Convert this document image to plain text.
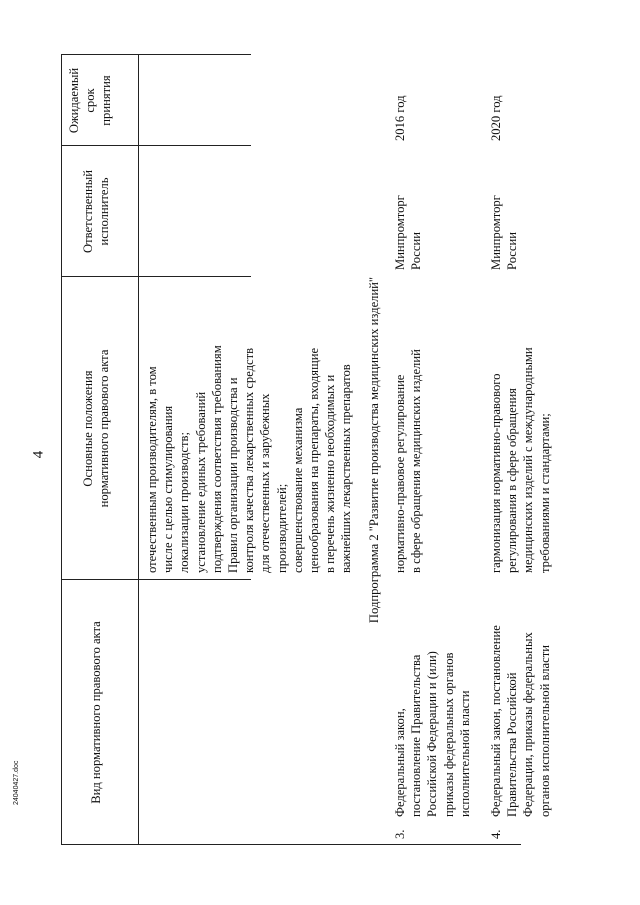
4
Вид нормативного правового акта
Основные положения нормативного правового акта
Ответственный исполнитель
Ожидаемый срок принятия
отечественным производителям, в том числе с целью стимулирования локализации производств; установление единых требований подтверждения соответствия требованиям Правил организации производства и контроля качества лекарственных средств для отечественных и зарубежных производителей; совершенствование механизма ценообразования на препараты, входящие в перечень жизненно необходимых и важнейших лекарственных препаратов Подпрограмма 2 "Развитие производства медицинских изделий"
3.
Федеральный закон, постановление Правительства Российской Федерации и (или) приказы федеральных органов исполнительной власти
нормативно-правовое регулирование в сфере обращения медицинских изделий
Минпромторг России
2016 год
4.
Федеральный закон, постановление Правительства Российской Федерации, приказы федеральных органов исполнительной власти
гармонизация нормативно-правового регулирования в сфере обращения медицинских изделий с международными требованиями и стандартами;
Минпромторг России
2020 год
24040427.doc
